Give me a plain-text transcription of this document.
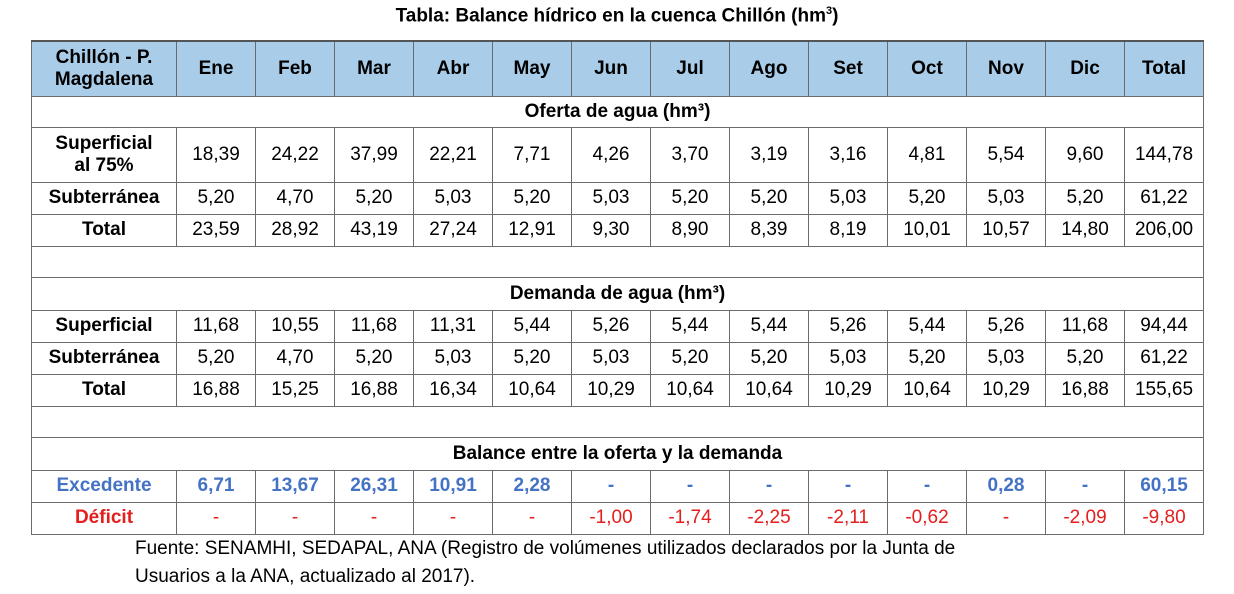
Tabla: Balance hídrico en la cuenca Chillón $(hm^3)$
Chillón - P.
Magdalena	Ene	Feb	Mar	Abr	May	Jun	Jul	Ago	Set	Oct	Nov	Dic	Total
Oferta de agua (hm³)													
Superficial
al 75%	18,39	24,22	37,99	22,21	7,71	4,26	3,70	3,19	3,16	4,81	5,54	9,60	144,78
Subterránea	5,20	4,70	5,20	5,03	5,20	5,03	5,20	5,20	5,03	5,20	5,03	5,20	61,22
Total	23,59	28,92	43,19	27,24	12,91	9,30	8,90	8,39	8,19	10,01	10,57	14,80	206,00

Demanda de agua (hm³)													
Superficial	11,68	10,55	11,68	11,31	5,44	5,26	5,44	5,44	5,26	5,44	5,26	11,68	94,44
Subterránea	5,20	4,70	5,20	5,03	5,20	5,03	5,20	5,20	5,03	5,20	5,03	5,20	61,22
Total	16,88	15,25	16,88	16,34	10,64	10,29	10,64	10,64	10,29	10,64	10,29	16,88	155,65

Balance entre la oferta y la demanda													
Excedente	6,71	13,67	26,31	10,91	2,28	-	-	-	-	-	0,28	-	60,15
Déficit	-	-	-	-	-	-1,00	-1,74	-2,25	-2,11	-0,62	-	-2,09	-9,80
Fuente: SENAMHI, SEDAPAL, ANA (Registro de volúmenes utilizados declarados por la Junta de
Usuarios a la ANA, actualizado al 2017).
